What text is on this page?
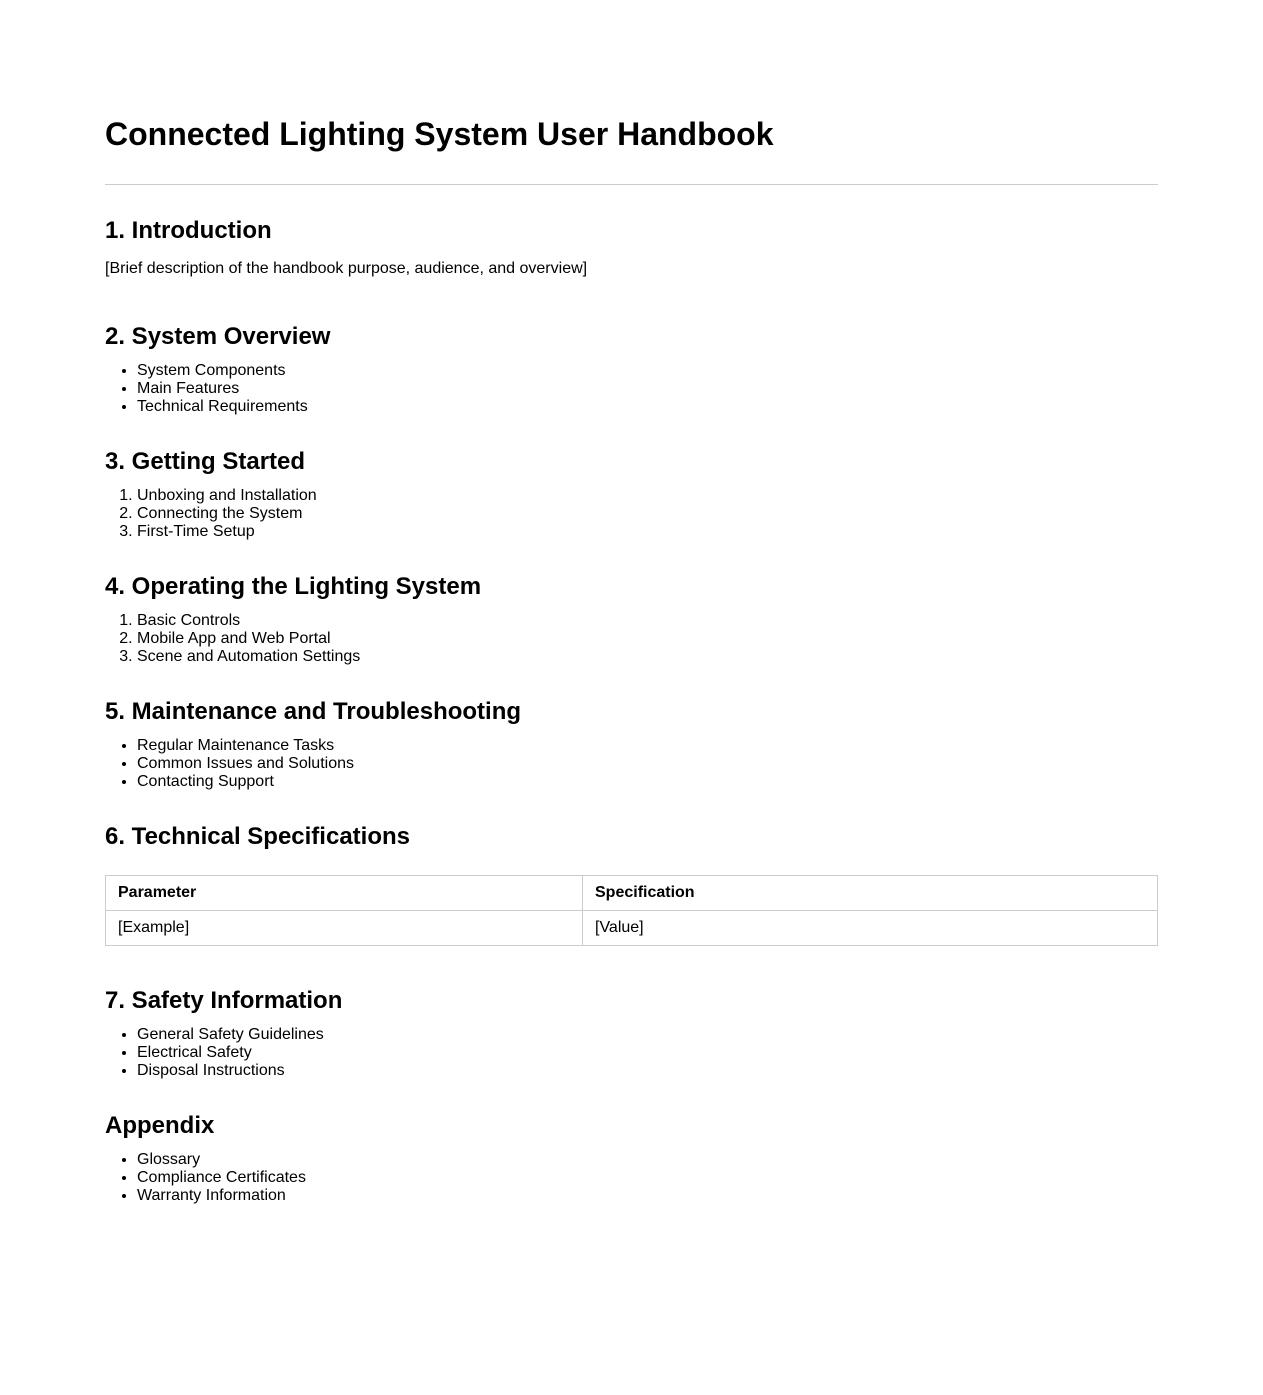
Connected Lighting System User Handbook
1. Introduction

[Brief description of the handbook purpose, audience, and overview]

2. System Overview
• System Components
• Main Features
• Technical Requirements
3. Getting Started
1. Unboxing and Installation
2. Connecting the System
3. First-Time Setup
4. Operating the Lighting System
1. Basic Controls
2. Mobile App and Web Portal
3. Scene and Automation Settings
5. Maintenance and Troubleshooting
• Regular Maintenance Tasks
• Common Issues and Solutions
• Contacting Support
6. Technical Specifications
Parameter	Specification
[Example]	[Value]
7. Safety Information
• General Safety Guidelines
• Electrical Safety
• Disposal Instructions
Appendix
• Glossary
• Compliance Certificates
• Warranty Information
